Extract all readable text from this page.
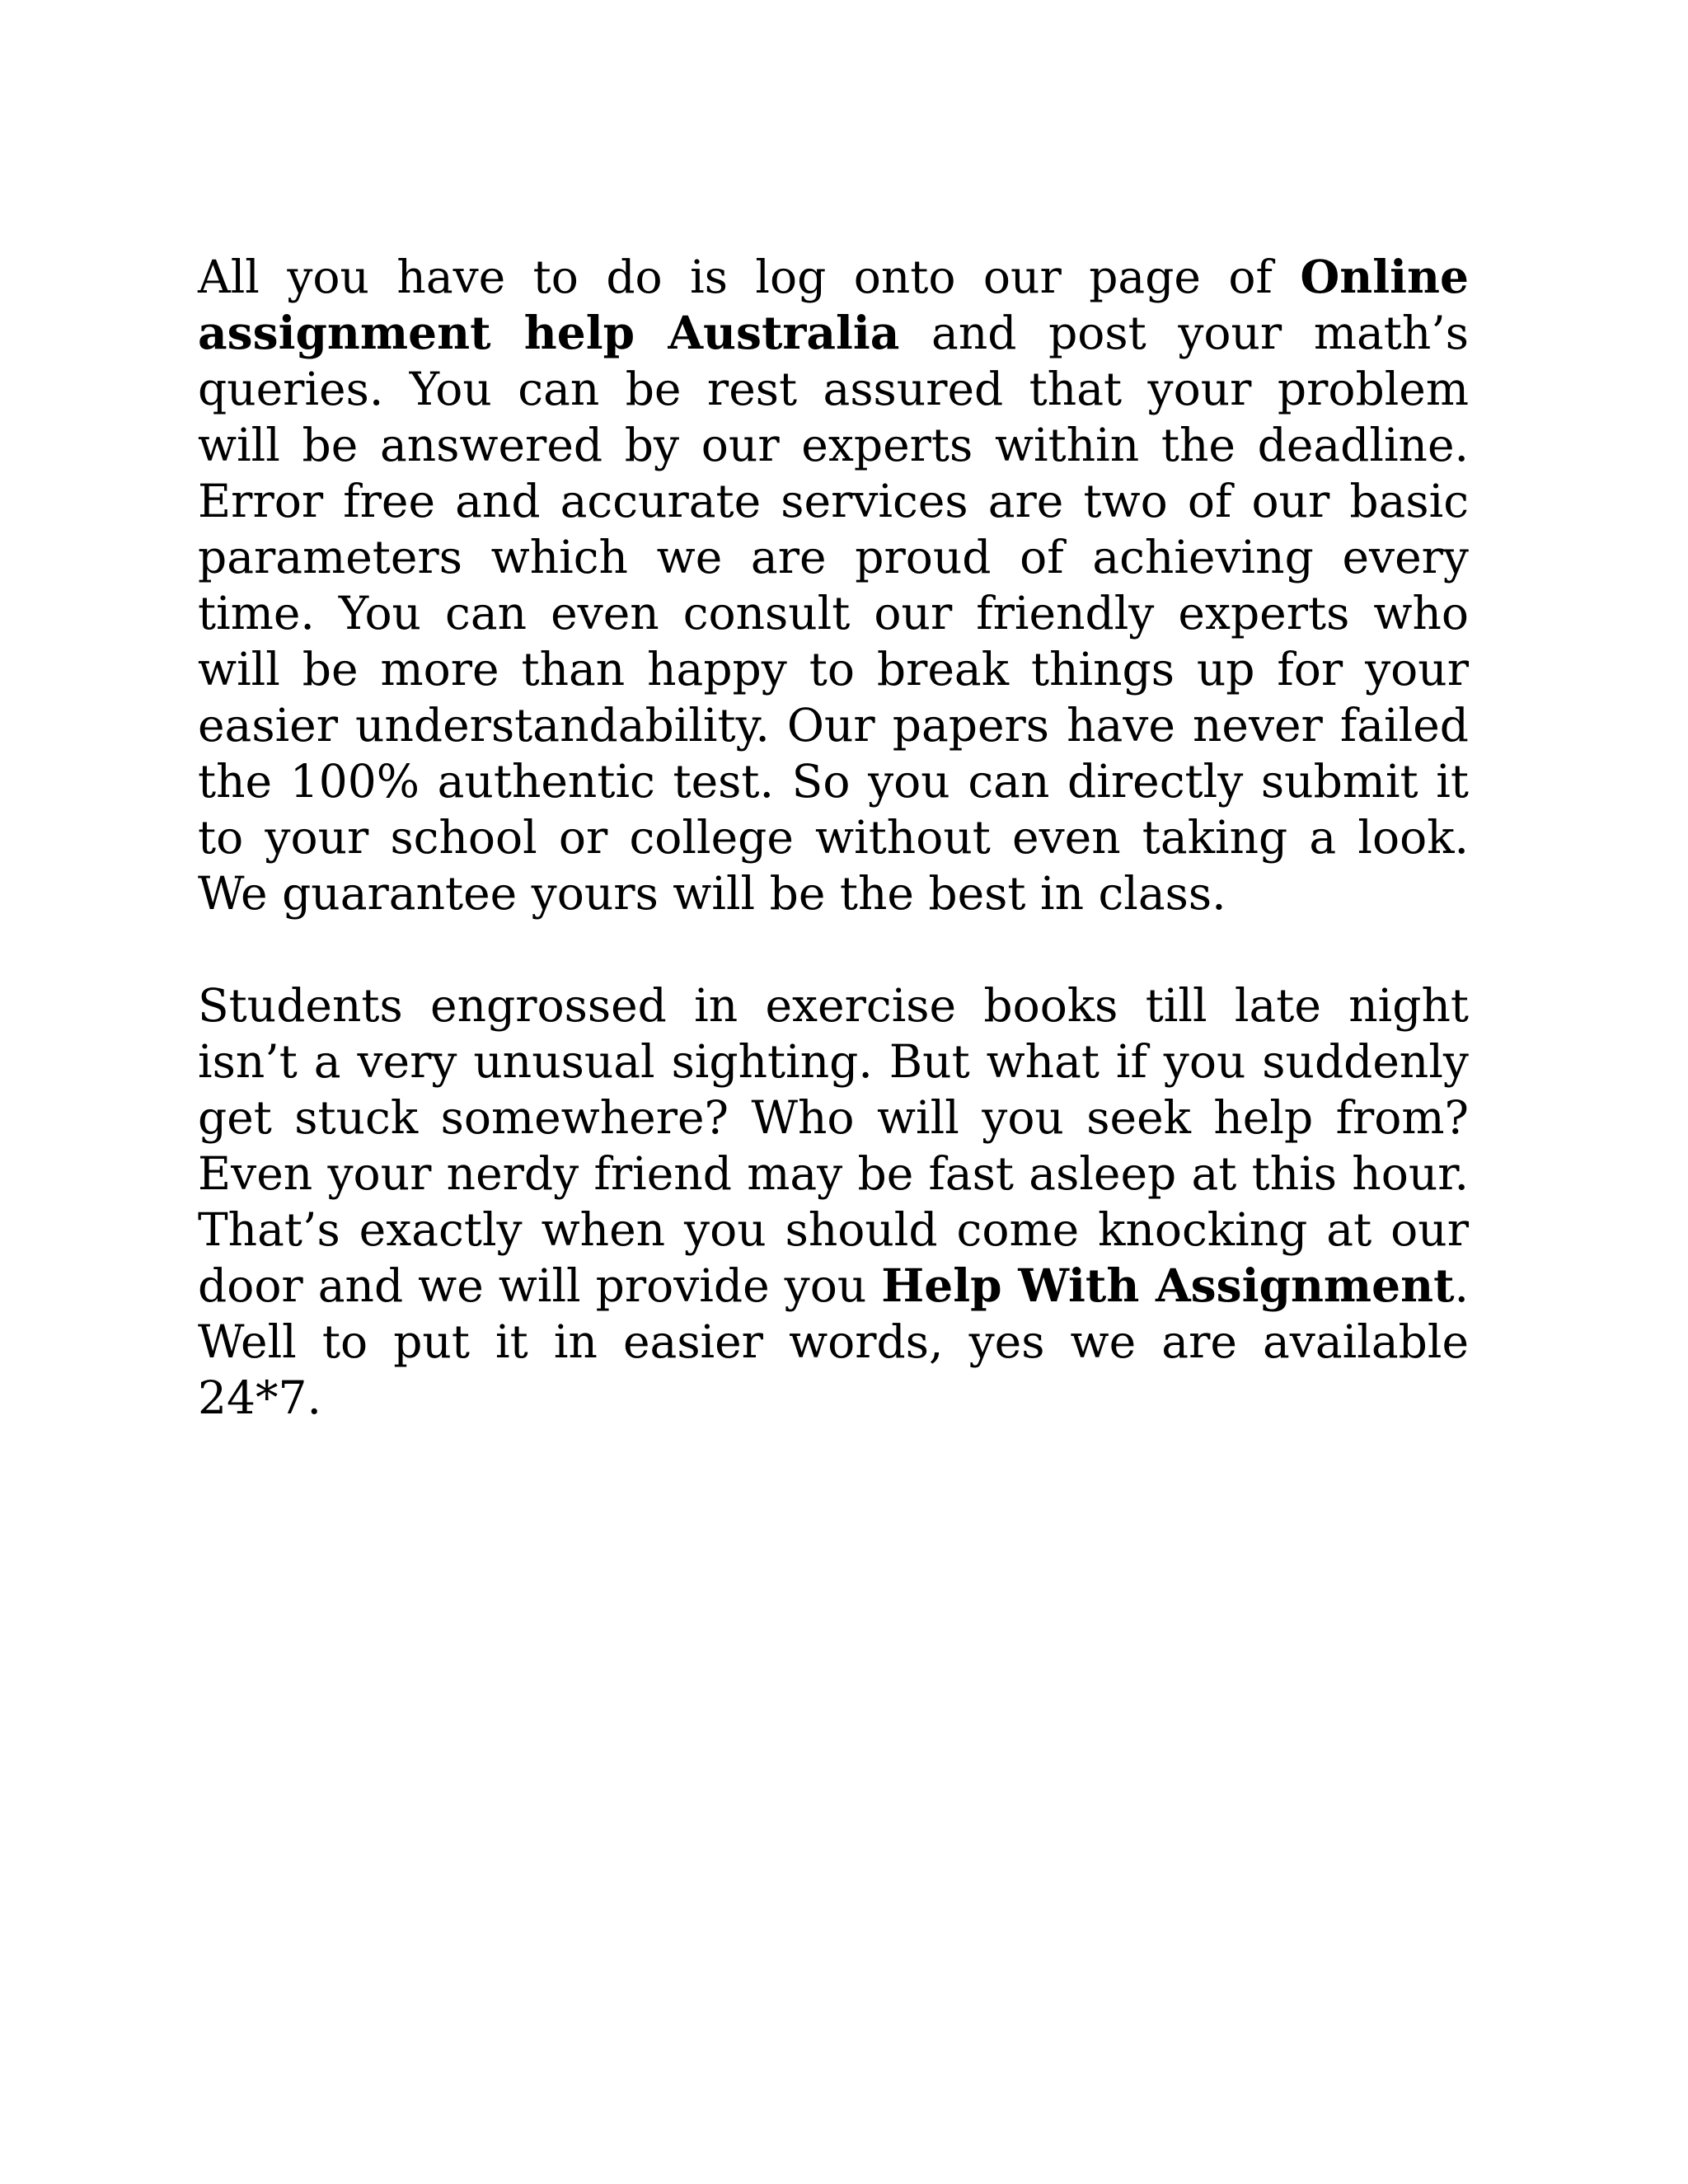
All you have to do is log onto our page of Online assignment help Australia and post your math’s queries. You can be rest assured that your problem will be answered by our experts within the deadline. Error free and accurate services are two of our basic parameters which we are proud of achieving every time. You can even consult our friendly experts who will be more than happy to break things up for your easier understandability. Our papers have never failed the 100% authentic test. So you can directly submit it to your school or college without even taking a look. We guarantee yours will be the best in class.

Students engrossed in exercise books till late night isn’t a very unusual sighting. But what if you suddenly get stuck somewhere? Who will you seek help from? Even your nerdy friend may be fast asleep at this hour. That’s exactly when you should come knocking at our door and we will provide you Help With Assignment. Well to put it in easier words, yes we are available 24*7.
